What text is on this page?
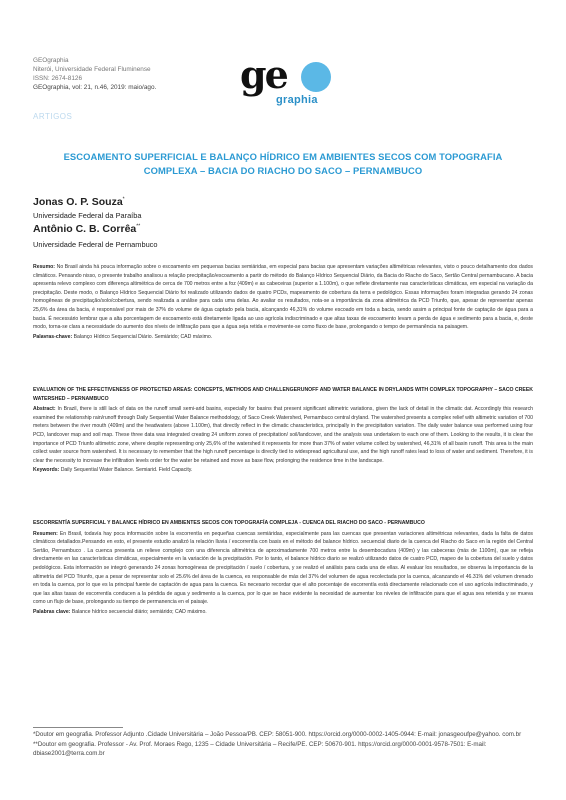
GEOgraphia
Niterói, Universidade Federal Fluminense
ISSN: 2674-8126
GEOgraphia, vol: 21, n.46, 2019: maio/ago. ge
graphia
ARTIGOS
ESCOAMENTO SUPERFICIAL E BALANÇO HÍDRICO EM AMBIENTES SECOS COM TOPOGRAFIA COMPLEXA – BACIA DO RIACHO DO SACO – PERNAMBUCO
Jonas O. P. Souza*
Universidade Federal da Paraíba
Antônio C. B. Corrêa**
Universidade Federal de Pernambuco
Resumo: No Brasil ainda há pouca informação sobre o escoamento em pequenas bacias semiáridas, em especial para bacias que apresentam variações altimétricas relevantes, visto o pouco detalhamento dos dados climáticos. Pensando nisso, o presente trabalho analisou a relação precipitação/escoamento a partir do método do Balanço Hídrico Sequencial Diário, da Bacia do Riacho do Saco, Sertão Central pernambucano. A bacia apresenta relevo complexo com diferença altimétrica de cerca de 700 metros entre a foz (409m) e as cabeceiras (superior a 1.100m), o que reflete diretamente nas características climáticas, em especial na variação da precipitação. Deste modo, o Balanço Hídrico Sequencial Diário foi realizado utilizando dados de quatro PCDs, mapeamento de cobertura da terra e pedológico. Essas informações foram integradas gerando 24 zonas homogêneas de precipitação/solo/cobertura, sendo realizada a análise para cada uma delas. Ao avaliar os resultados, nota-se a importância da zona altimétrica da PCD Triunfo, que, apesar de representar apenas 25,6% da área da bacia, é responsável por mais de 37% do volume de água captado pela bacia, alcançando 46,31% do volume escoado em toda a bacia, sendo assim a principal fonte de captação de água para a bacia. É necessário lembrar que a alta porcentagem de escoamento está diretamente ligada ao uso agrícola indiscriminado e que altas taxas de escoamento levam a perda de água e sedimento para a bacia, e, deste modo, torna-se clara a necessidade do aumento dos níveis de infiltração para que a água seja retida e movimente-se como fluxo de base, prolongando o tempo de permanência na paisagem.
Palavras-chave: Balanço Hídrico Sequencial Diário. Semiárido; CAD máximo.
EVALUATION OF THE EFFECTIVENESS OF PROTECTED AREAS: CONCEPTS, METHODS AND CHALLENGERUNOFF AND WATER BALANCE IN DRYLANDS WITH COMPLEX TOPOGRAPHY – SACO CREEK WATERSHED – PERNAMBUCO
Abstract: In Brazil, there is still lack of data on the runoff small semi-arid basins, especially for basins that present significant altimetric variations, given the lack of detail in the climatic dat. Accordingly this research examined the relationship rain/runoff through Daily Sequential Water Balance methodology, of Saco Creek Watershed, Pernambuco central dryland. The watershed presents a complex relief with altimetric variation of 700 meters between the river mouth (409m) and the headwaters (above 1.100m), that directly reflect in the climatic characteristics, principally in the precipitation variation. The daily water balance was performed using four PCD, landcover map and soil map. These three data was integrated creating 24 uniform zones of precipitation/ soil/landcover, and the analysis was undertaken to each one of them. Looking to the results, it is clear the importance of PCD Triunfo altimetric zone, where despite representing only 25,6% of the watershed it represents for more than 37% of water volume collect by watershed, 46,31% of all basin runoff. This area is the main collect water source from watershed. It is necessary to remember that the high runoff percentage is directly tied to widespread agricultural use, and the high runoff rates lead to loss of water and sediment. Therefore, it is clear the necessity to increase the infiltration levels order for the water be retained and move as base flow, prolonging the residence time in the landscape.
Keywords: Daily Sequential Water Balance. Semiarid. Field Capacity.
ESCORRENTÍA SUPERFICIAL Y BALANCE HÍDRICO EN AMBIENTES SECOS CON TOPOGRAFÍA COMPLEJA - CUENCA DEL RIACHO DO SACO - PERNAMBUCO
Resumen: En Brasil, todavía hay poca información sobre la escorrentía en pequeñas cuencas semiáridas, especialmente para las cuencas que presentan variaciones altimétricas relevantes, dada la falta de datos climáticos detallados.Pensando en esto, el presente estudio analizó la relación lluvia / escorrentía con basis en el método del balance hídrico. secuencial diario de la cuenca del Riacho do Saco en la región del Central Sertão, Pernambuco . La cuenca presenta un relieve complejo con una diferencia altimétrica de aproximadamente 700 metros entre la desembocadura (409m) y las cabeceras (más de 1100m), que se refleja directamente en las características climáticas, especialmente en la variación de la precipitación. Por lo tanto, el balance hídrico diario se realizó utilizando datos de cuatro PCD, mapeo de la cobertura del suelo y datos pedológicos. Esta información se integró generando 24 zonas homogéneas de precipitación / suelo / cobertura, y se realizó el análisis para cada una de ellas. Al evaluar los resultados, se observa la importancia de la altimetría del PCD Triunfo, que a pesar de representar solo el 25.6% del área de la cuenca, es responsable de más del 37% del volumen de agua recolectada por la cuenca, alcanzando el 46.31% del volumen drenado en toda la cuenca, por lo que es la principal fuente de captación de agua para la cuenca. Es necesario recordar que el alto porcentaje de escorrentía está directamente relacionado con el uso agrícola indiscriminado, y que las altas tasas de escorrentía conducen a la pérdida de agua y sedimento a la cuenca, por lo que se hace evidente la necesidad de aumentar los niveles de infiltración para que el agua sea retenida y se mueva como un flujo de base, prolongando su tiempo de permanencia en el paisaje.
Palabras clave: Balance hídrico secuencial diário; semiárido; CAD máximo.
*Doutor em geografia. Professor Adjunto .Cidade Universitária – João Pessoa/PB. CEP: 58051-900. https://orcid.org/0000-0002-1405-0944: E-mail: jonasgeoufpe@yahoo. com.br
**Doutor em geografia. Professor - Av. Prof. Moraes Rego, 1235 – Cidade Universitária – Recife/PE. CEP: 50670-901. https://orcid.org/0000-0001-9578-7501: E-mail: dbiase2001@terra.com.br
